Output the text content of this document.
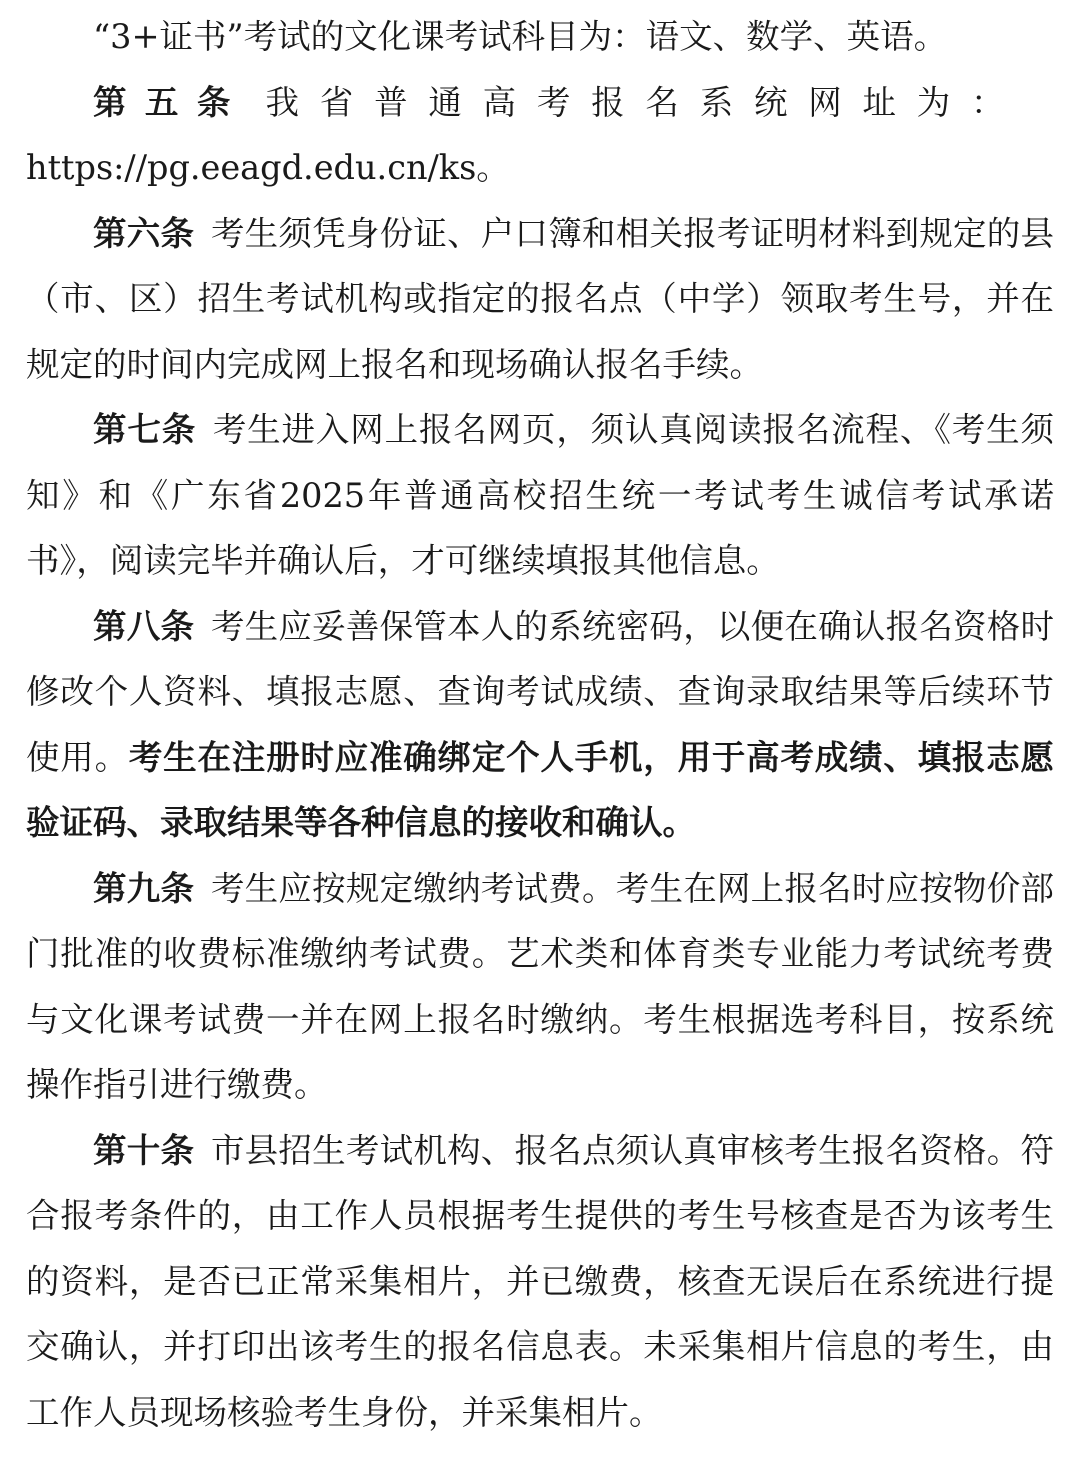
“3+证书”考试的文化课考试科目为：语文、数学、英语。

第五条 我省普通高考报名系统网址为：

https://pg.eeagd.edu.cn/ks。

第六条 考生须凭身份证、户口簿和相关报考证明材料到规定的县（市、区）招生考试机构或指定的报名点（中学）领取考生号，并在规定的时间内完成网上报名和现场确认报名手续。

第七条 考生进入网上报名网页，须认真阅读报名流程、《考生须知》和《广东省2025年普通高校招生统一考试考生诚信考试承诺书》，阅读完毕并确认后，才可继续填报其他信息。

第八条 考生应妥善保管本人的系统密码，以便在确认报名资格时修改个人资料、填报志愿、查询考试成绩、查询录取结果等后续环节使用。考生在注册时应准确绑定个人手机，用于高考成绩、填报志愿验证码、录取结果等各种信息的接收和确认。

第九条 考生应按规定缴纳考试费。考生在网上报名时应按物价部门批准的收费标准缴纳考试费。艺术类和体育类专业能力考试统考费与文化课考试费一并在网上报名时缴纳。考生根据选考科目，按系统操作指引进行缴费。

第十条 市县招生考试机构、报名点须认真审核考生报名资格。符合报考条件的，由工作人员根据考生提供的考生号核查是否为该考生的资料，是否已正常采集相片，并已缴费，核查无误后在系统进行提交确认，并打印出该考生的报名信息表。未采集相片信息的考生，由工作人员现场核验考生身份，并采集相片。
